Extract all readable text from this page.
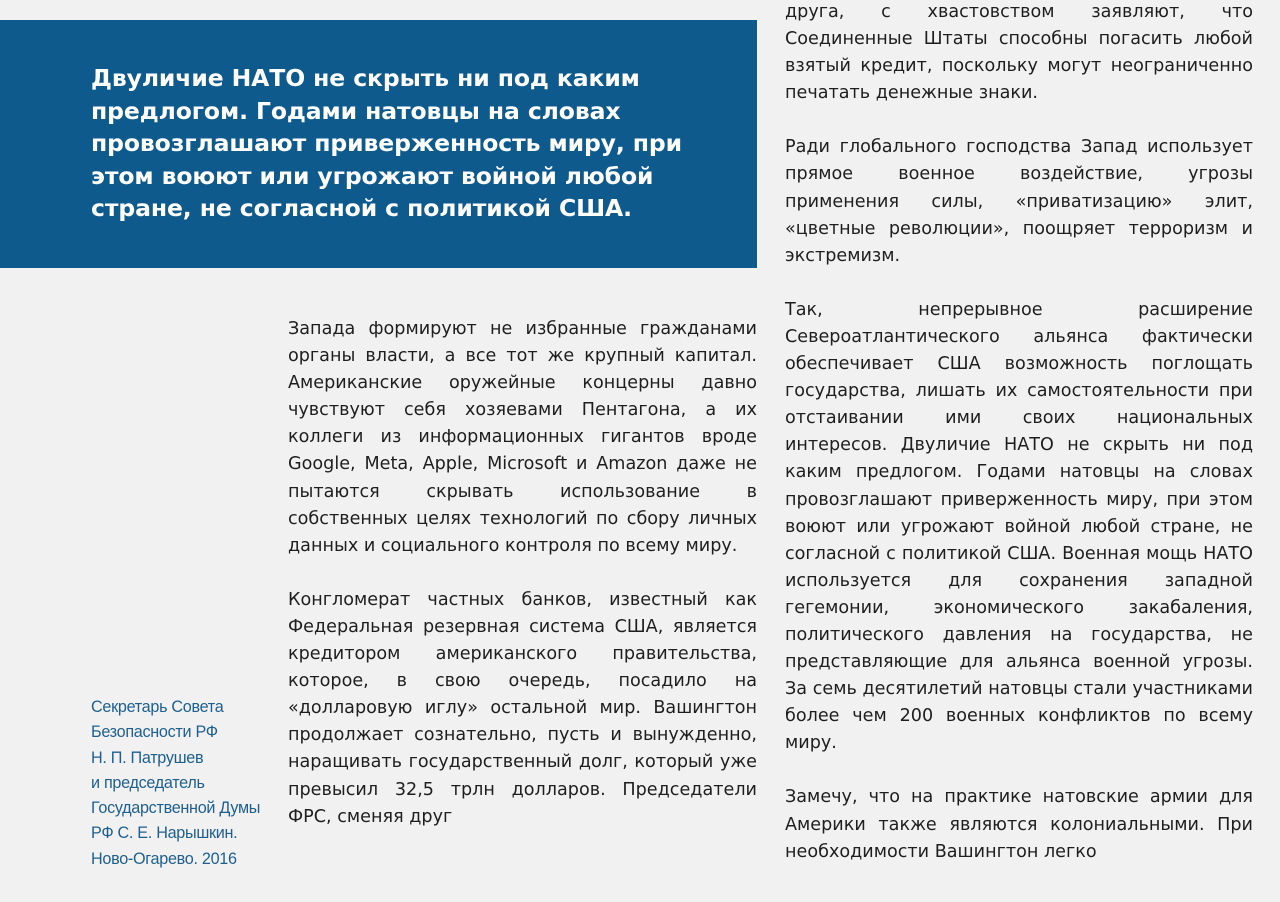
Двуличие НАТО не скрыть ни под каким предлогом. Годами натовцы на словах провозглашают приверженность миру, при этом воюют или угрожают войной любой стране, не согласной с политикой США.

Запада формируют не избранные гражданами органы власти, а все тот же крупный капитал. Американские оружейные концерны давно чувствуют себя хозяевами Пентагона, а их коллеги из информационных гигантов вроде Google, Meta, Apple, Microsoft и Amazon даже не пытаются скрывать использование в собственных целях технологий по сбору личных данных и социального контроля по всему миру.

Конгломерат частных банков, известный как Федеральная резервная система США, является кредитором американского правительства, которое, в свою очередь, посадило на «долларовую иглу» остальной мир. Вашингтон продолжает сознательно, пусть и вынужденно, наращивать государственный долг, который уже превысил 32,5 трлн долларов. Председатели ФРС, сменяя друг

друга, с хвастовством заявляют, что Соединенные Штаты способны погасить любой взятый кредит, поскольку могут неограниченно печатать денежные знаки.

Ради глобального господства Запад использует прямое военное воздействие, угрозы применения силы, «приватизацию» элит, «цветные революции», поощряет терроризм и экстремизм.

Так, непрерывное расширение Североатлантического альянса фактически обеспечивает США возможность поглощать государства, лишать их самостоятельности при отстаивании ими своих национальных интересов. Двуличие НАТО не скрыть ни под каким предлогом. Годами натовцы на словах провозглашают приверженность миру, при этом воюют или угрожают войной любой стране, не согласной с политикой США. Военная мощь НАТО используется для сохранения западной гегемонии, экономического закабаления, политического давления на государства, не представляющие для альянса военной угрозы. За семь десятилетий натовцы стали участниками более чем 200 военных конфликтов по всему миру.

Замечу, что на практике натовские армии для Америки также являются колониальными. При необходимости Вашингтон легко

Секретарь Совета
Безопасности РФ
Н. П. Патрушев
и председатель
Государственной Думы
РФ С. Е. Нарышкин.
Ново-Огарево. 2016
